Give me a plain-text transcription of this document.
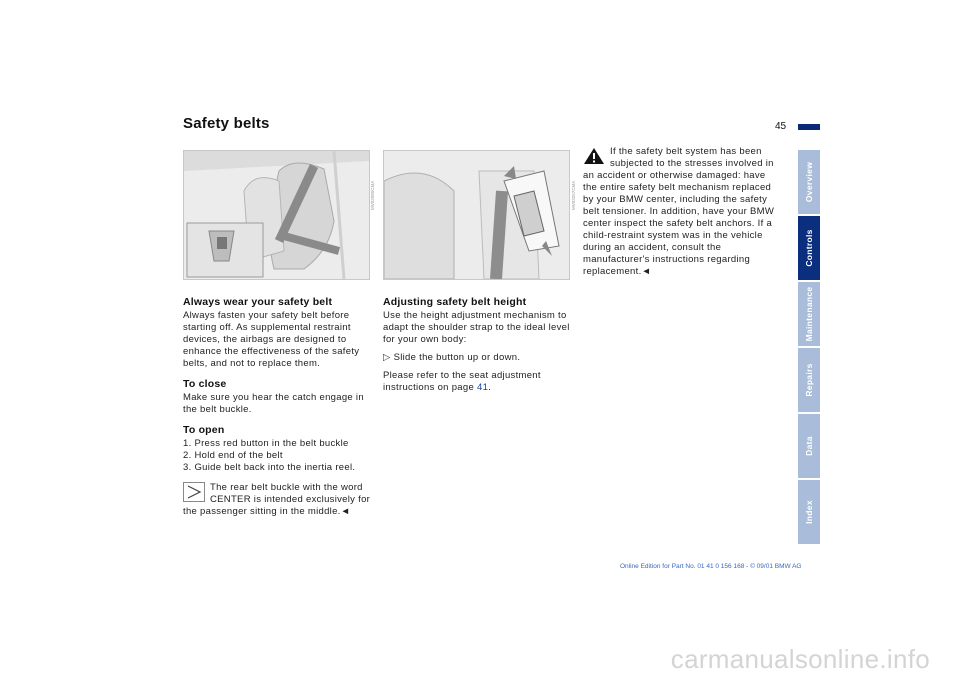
Safety belts	45
Overview
Controls
Maintenance
Repairs
Data
Index
MV02080CMA	MV03257CMA
Always wear your safety belt

Always fasten your safety belt before starting off. As supplemental restraint devices, the airbags are designed to enhance the effectiveness of the safety belts, and not to replace them.

To close

Make sure you hear the catch engage in the belt buckle.

To open

1. Press red button in the belt buckle

2. Hold end of the belt

3. Guide belt back into the inertia reel.

The rear belt buckle with the word CENTER is intended exclusively for the passenger sitting in the middle.◄
Adjusting safety belt height

Use the height adjustment mechanism to adapt the shoulder strap to the ideal level for your own body:

▷ Slide the button up or down.

Please refer to the seat adjustment instructions on page 41.

If the safety belt system has been subjected to the stresses involved in an accident or otherwise damaged: have the entire safety belt mechanism replaced by your BMW center, including the safety belt tensioner. In addition, have your BMW center inspect the safety belt anchors. If a child-restraint system was in the vehicle during an accident, consult the manufacturer's instructions regarding replacement.◄
Online Edition for Part No. 01 41 0 156 168 - © 09/01 BMW AG
carmanualsonline.info
